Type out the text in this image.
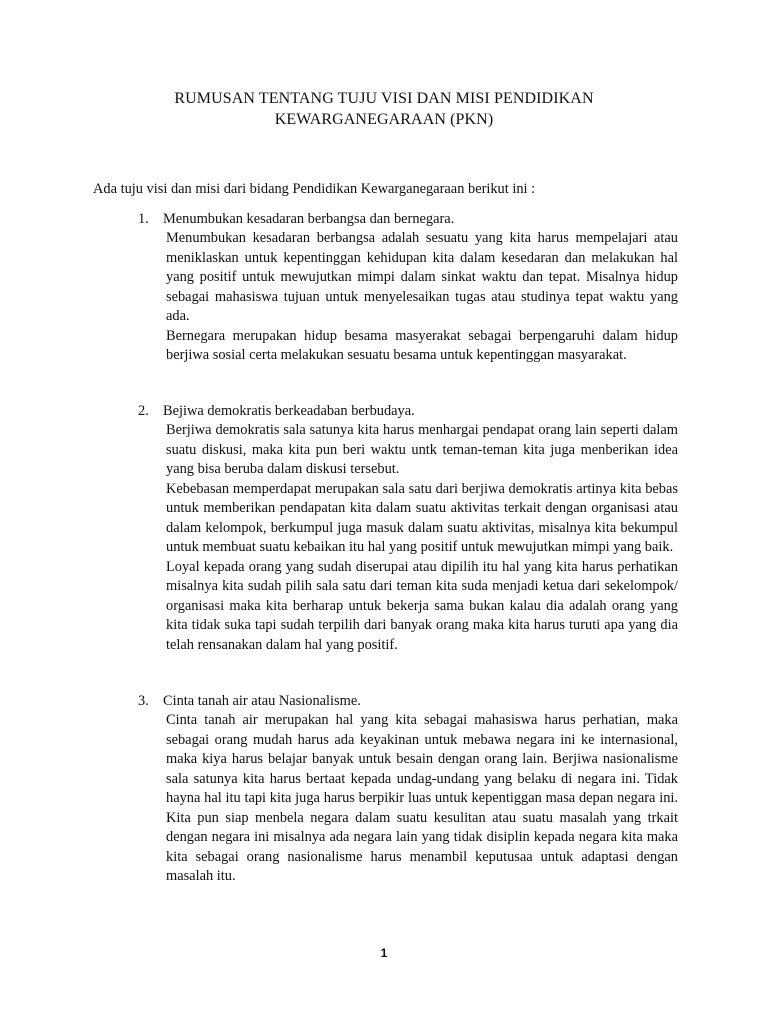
RUMUSAN TENTANG TUJU VISI DAN MISI PENDIDIKAN
KEWARGANEGARAAN (PKN)
Ada tuju visi dan misi dari bidang Pendidikan Kewarganegaraan berikut ini :
1. Menumbukan kesadaran berbangsa dan bernegara.

Menumbukan kesadaran berbangsa adalah sesuatu yang kita harus mempelajari atau meniklaskan untuk kepentinggan kehidupan kita dalam kesedaran dan melakukan hal yang positif untuk mewujutkan mimpi dalam sinkat waktu dan tepat. Misalnya hidup sebagai mahasiswa tujuan untuk menyelesaikan tugas atau studinya tepat waktu yang ada.

Bernegara merupakan hidup besama masyerakat sebagai berpengaruhi dalam hidup berjiwa sosial certa melakukan sesuatu besama untuk kepentinggan masyarakat.

2. Bejiwa demokratis berkeadaban berbudaya.

Berjiwa demokratis sala satunya kita harus menhargai pendapat orang lain seperti dalam suatu diskusi, maka kita pun beri waktu untk teman-teman kita juga menberikan idea yang bisa beruba dalam diskusi tersebut.

Kebebasan memperdapat merupakan sala satu dari berjiwa demokratis artinya kita bebas untuk memberikan pendapatan kita dalam suatu aktivitas terkait dengan organisasi atau dalam kelompok, berkumpul juga masuk dalam suatu aktivitas, misalnya kita bekumpul untuk membuat suatu kebaikan itu hal yang positif untuk mewujutkan mimpi yang baik.

Loyal kepada orang yang sudah diserupai atau dipilih itu hal yang kita harus perhatikan misalnya kita sudah pilih sala satu dari teman kita suda menjadi ketua dari sekelompok/ organisasi maka kita berharap untuk bekerja sama bukan kalau dia adalah orang yang kita tidak suka tapi sudah terpilih dari banyak orang maka kita harus turuti apa yang dia telah rensanakan dalam hal yang positif.

3. Cinta tanah air atau Nasionalisme.

Cinta tanah air merupakan hal yang kita sebagai mahasiswa harus perhatian, maka sebagai orang mudah harus ada keyakinan untuk mebawa negara ini ke internasional, maka kiya harus belajar banyak untuk besain dengan orang lain. Berjiwa nasionalisme sala satunya kita harus bertaat kepada undag-undang yang belaku di negara ini. Tidak hayna hal itu tapi kita juga harus berpikir luas untuk kepentiggan masa depan negara ini. Kita pun siap menbela negara dalam suatu kesulitan atau suatu masalah yang trkait dengan negara ini misalnya ada negara lain yang tidak disiplin kepada negara kita maka kita sebagai orang nasionalisme harus menambil keputusaa untuk adaptasi dengan masalah itu.

1
